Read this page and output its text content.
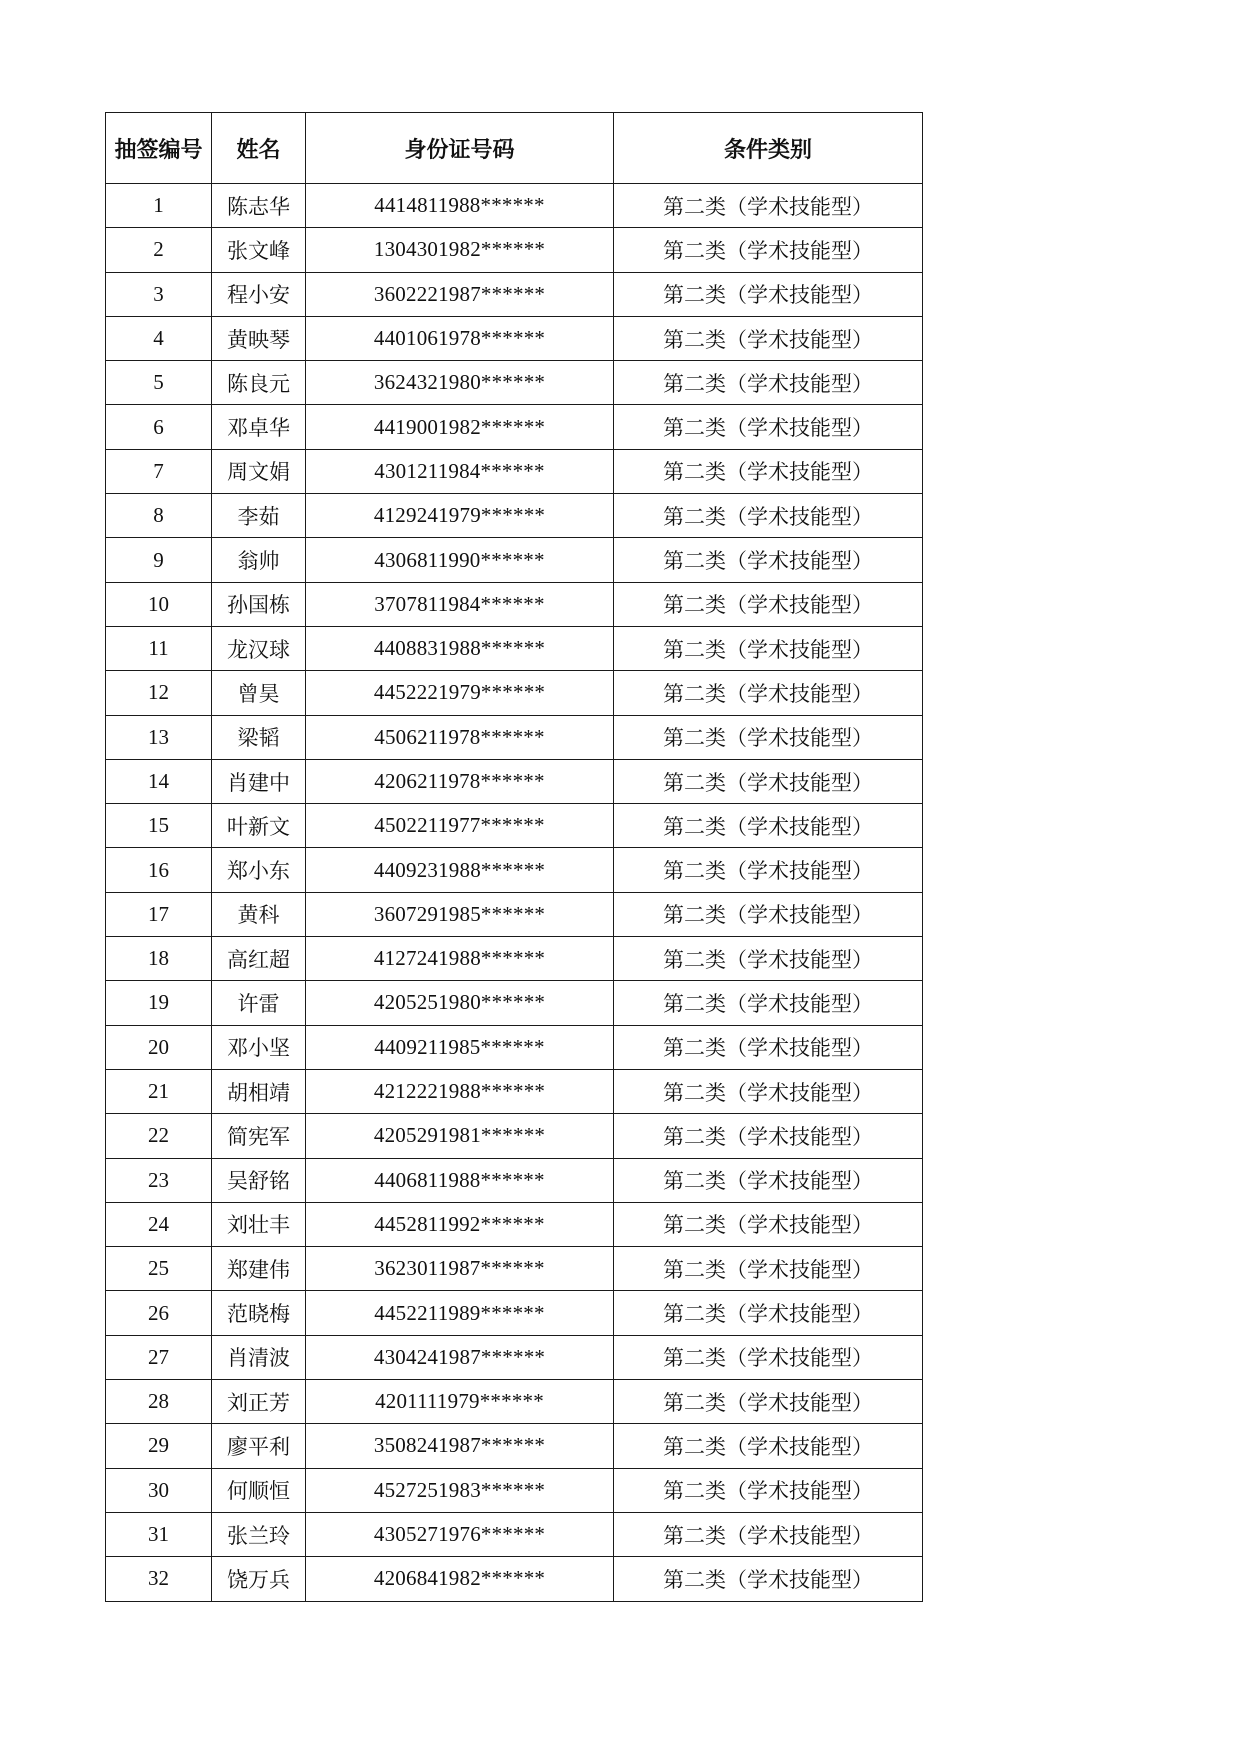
抽签编号	姓名	身份证号码	条件类别
1	陈志华	4414811988******	第二类（学术技能型）
2	张文峰	1304301982******	第二类（学术技能型）
3	程小安	3602221987******	第二类（学术技能型）
4	黄映琴	4401061978******	第二类（学术技能型）
5	陈良元	3624321980******	第二类（学术技能型）
6	邓卓华	4419001982******	第二类（学术技能型）
7	周文娟	4301211984******	第二类（学术技能型）
8	李茹	4129241979******	第二类（学术技能型）
9	翁帅	4306811990******	第二类（学术技能型）
10	孙国栋	3707811984******	第二类（学术技能型）
11	龙汉球	4408831988******	第二类（学术技能型）
12	曾昊	4452221979******	第二类（学术技能型）
13	梁韬	4506211978******	第二类（学术技能型）
14	肖建中	4206211978******	第二类（学术技能型）
15	叶新文	4502211977******	第二类（学术技能型）
16	郑小东	4409231988******	第二类（学术技能型）
17	黄科	3607291985******	第二类（学术技能型）
18	高红超	4127241988******	第二类（学术技能型）
19	许雷	4205251980******	第二类（学术技能型）
20	邓小坚	4409211985******	第二类（学术技能型）
21	胡相靖	4212221988******	第二类（学术技能型）
22	简宪军	4205291981******	第二类（学术技能型）
23	吴舒铭	4406811988******	第二类（学术技能型）
24	刘壮丰	4452811992******	第二类（学术技能型）
25	郑建伟	3623011987******	第二类（学术技能型）
26	范晓梅	4452211989******	第二类（学术技能型）
27	肖清波	4304241987******	第二类（学术技能型）
28	刘正芳	4201111979******	第二类（学术技能型）
29	廖平利	3508241987******	第二类（学术技能型）
30	何顺恒	4527251983******	第二类（学术技能型）
31	张兰玲	4305271976******	第二类（学术技能型）
32	饶万兵	4206841982******	第二类（学术技能型）
